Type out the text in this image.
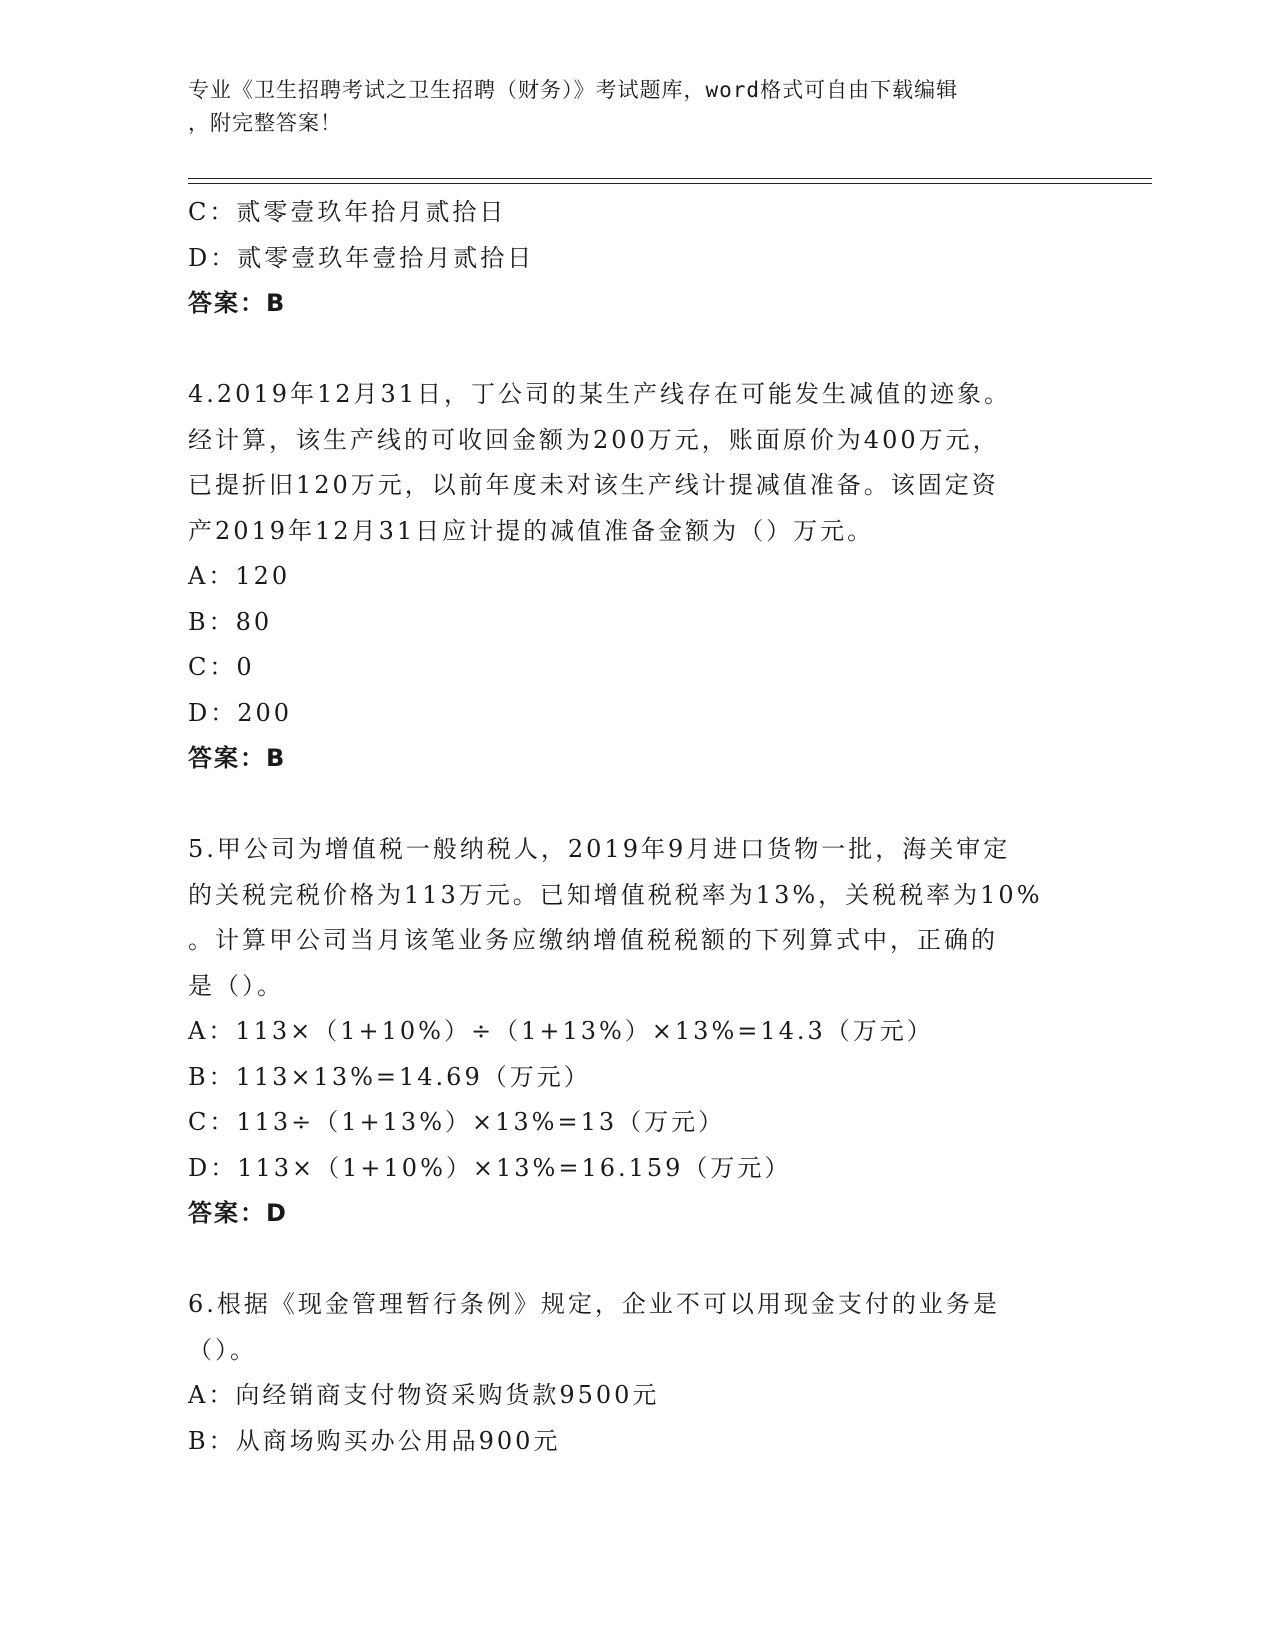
专业《卫生招聘考试之卫生招聘（财务）》考试题库，word格式可自由下载编辑
，附完整答案！
C：贰零壹玖年拾月贰拾日
D：贰零壹玖年壹拾月贰拾日
答案：B
4.2019年12月31日，丁公司的某生产线存在可能发生减值的迹象。
经计算，该生产线的可收回金额为200万元，账面原价为400万元，
已提折旧120万元，以前年度未对该生产线计提减值准备。该固定资
产2019年12月31日应计提的减值准备金额为（）万元。
A：120
B：80
C：0
D：200
答案：B
5.甲公司为增值税一般纳税人，2019年9月进口货物一批，海关审定
的关税完税价格为113万元。已知增值税税率为13%，关税税率为10%
。计算甲公司当月该笔业务应缴纳增值税税额的下列算式中，正确的
是（）。
A：113×（1+10%）÷（1+13%）×13%=14.3（万元）
B：113×13%=14.69（万元）
C：113÷（1+13%）×13%=13（万元）
D：113×（1+10%）×13%=16.159（万元）
答案：D
6.根据《现金管理暂行条例》规定，企业不可以用现金支付的业务是
（）。
A：向经销商支付物资采购货款9500元
B：从商场购买办公用品900元
